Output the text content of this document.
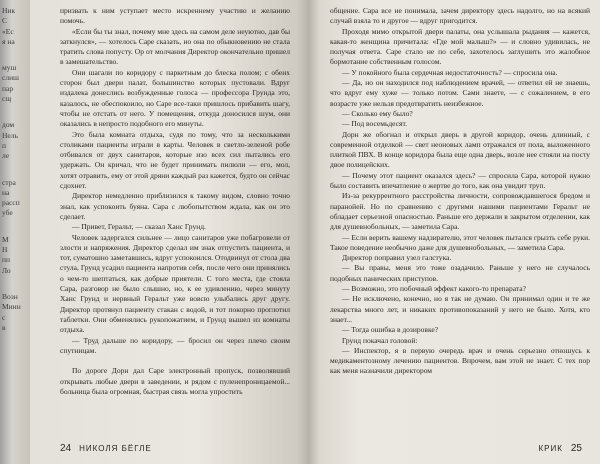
Ник
С
«Ес
я на
муш
слиш
пар
сщ
дом
Нель
п
ле
стра
на
рассп
убе
М
Н
пп
Ло
Возн
Минн
с
в

призвать к ним уступает место искреннему участию и желанию помочь.

«Если бы ты знал, почему мне здесь на самом деле неуютно, дав бы заткнулся», — хотелось Саре сказать, но она по обыкновению не стала тратить слова попусту. Ор от молчания Директор окончательно пришел в замешательство.

Они шагали по коридору с паркетным до блеска полом; с обеих сторон был двери палат, большинство которых пустовали. Вдруг издалека донеслись возбужденные голоса — профессора Грунда это, казалось, не обеспокоило, но Саре все-таки пришлось прибавить шагу, чтобы не отстать от него. У помещения, откуда доносился шум, они оказались в непросто подобного его минуты.

Это была комната отдыха, судя по тому, что за несколькими столиками пациенты играли в карты. Человек в светло-зеленой робе отбивался от двух санитаров, которые изо всех сил пытались его удержать. Он кричал, что не будет принимать пилюли — его, мол, хотят отравить, ему от этой дряни каждый раз кажется, будто он сейчас сдохнет.

Директор немедленно приблизился к такому видом, словно точно знал, как успокоить буяна. Сара с любопытством ждала, как он это сделает.

— Привет, Геральт, — сказал Ханс Грунд.

Человек задергался сильнее — лицо санитаров уже побагровели от злости и напряжения. Директор сделал им знак отпустить пациента, и тот, суматошно заметавшись, вдруг успокоился. Отодвинул от стола два стула, Грунд усадил пациента напротив себя, после чего они принялись о чем-то шептаться, как добрые приятели. С того места, где стояла Сара, разговор не было слышно, но, к ее удивлению, через минуту Ханс Грунд и нервный Геральт уже вовсю улыбались друг другу. Директор протянул пациенту стакан с водой, и тот покорно проглотил таблетки. Они обменялись рукопожатием, и Грунд вышел из комнаты отдыха.

— Труд дальше по коридору, — бросил он через плечо своим спутницам.

По дороге Дорн дал Саре электронный пропуск, позволявший открывать любые двери в заведении, и рядом с пуленепроницаемой... больница была огромная, быстрая связь могла упростить

24 НИКОЛЯ БЁГЛЕ

общение. Сара все не понимала, зачем директору здесь надолго, но на всякий случай взяла то и другое — вдруг пригодится.

Проходя мимо открытой двери палаты, она услышала рыдания — кажется, какая-то женщина причитала: «Где мой малыш?» — и словно удивилась, не получая ответа. Саре стало не по себе, захотелось заглушить это жалобное бормотание собственным голосом.

— У покойного была сердечная недостаточность? — спросила она.

— Да, но он находился под наблюдением врачей, — ответил ей не знаешь, что вдруг ему хуже — только потом. Сами знаете, — с сожалением, в его возрасте уже нельзя предотвратить неизбежное.

— Сколько ему было?

— Под восемьдесят.

Дорн же обогнал и открыл дверь в другой коридор, очень длинный, с современной отделкой — свет неоновых ламп отражался от пола, выложенного плиткой ПВХ. В конце коридора была еще одна дверь, возле нее стояли на посту двое полицейских.

— Почему этот пациент оказался здесь? — спросила Сара, которой нужно было составить впечатление о жертве до того, как она увидит труп.

Из-за рекуррентного расстройства личности, сопровождавшегося бредом и паранойей. Но по сравнению с другими нашими пациентами Геральт не обладает серьезной опасностью. Раньше его держали в закрытом отделении, как для душевнобольных, — заметила Сара.

— Если верить вашему надзирателю, этот человек пытался грызть себе руки. Такое поведение необычно даже для душевнобольных, — заметила Сара.

Директор поправил узел галстука.

— Вы правы, меня это тоже озадачило. Раньше у него не случалось подобных панических приступов.

— Возможно, это побочный эффект какого-то препарата?

— Не исключено, конечно, но я так не думаю. Он принимал один и те же лекарства много лет, и никаких противопоказаний у него не было. Хотя, кто знает...

— Тогда ошибка в дозировке?

Грунд покачал головой:

— Инспектор, я в первую очередь врач и очень серьезно отношусь к медикаментозному лечению пациентов. Впрочем, вам этой не знает. С тех пор как меня назначили директором

КРИК 25
